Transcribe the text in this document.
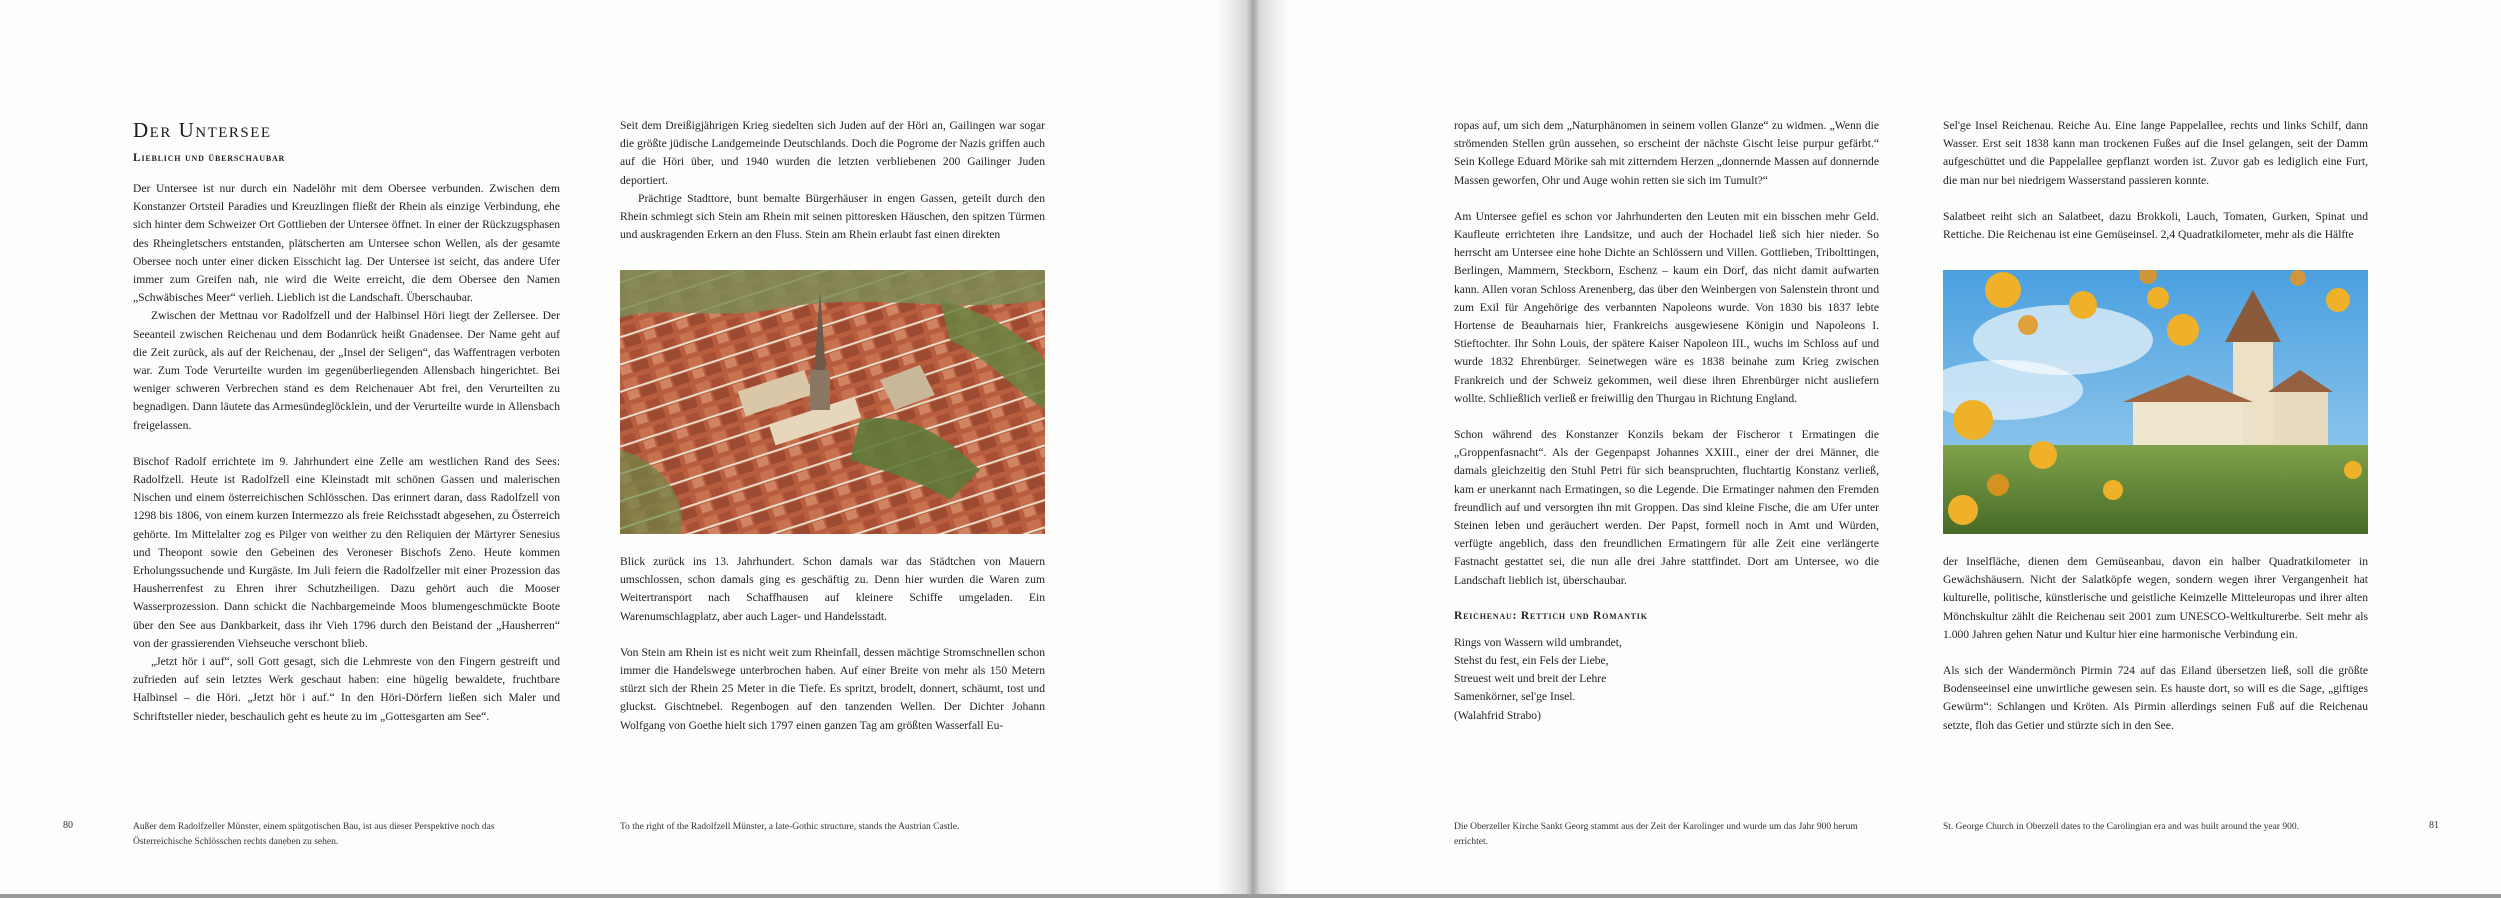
Der Untersee
Lieblich und überschaubar

Der Untersee ist nur durch ein Nadelöhr mit dem Obersee verbunden. Zwischen dem Konstanzer Ortsteil Paradies und Kreuzlingen fließt der Rhein als einzige Verbindung, ehe sich hinter dem Schweizer Ort Gottlieben der Untersee öffnet. In einer der Rückzugsphasen des Rheingletschers entstanden, plätscherten am Untersee schon Wellen, als der gesamte Obersee noch unter einer dicken Eisschicht lag. Der Untersee ist seicht, das andere Ufer immer zum Greifen nah, nie wird die Weite erreicht, die dem Obersee den Namen „Schwäbisches Meer“ verlieh. Lieblich ist die Landschaft. Überschaubar.

Zwischen der Mettnau vor Radolfzell und der Halbinsel Höri liegt der Zellersee. Der Seeanteil zwischen Reichenau und dem Bodanrück heißt Gnadensee. Der Name geht auf die Zeit zurück, als auf der Reichenau, der „Insel der Seligen“, das Waffentragen verboten war. Zum Tode Verurteilte wurden im gegenüberliegenden Allensbach hingerichtet. Bei weniger schweren Verbrechen stand es dem Reichenauer Abt frei, den Verurteilten zu begnadigen. Dann läutete das Armesündeglöcklein, und der Verurteilte wurde in Allensbach freigelassen.

Bischof Radolf errichtete im 9. Jahrhundert eine Zelle am westlichen Rand des Sees: Radolfzell. Heute ist Radolfzell eine Kleinstadt mit schönen Gassen und malerischen Nischen und einem österreichischen Schlösschen. Das erinnert daran, dass Radolfzell von 1298 bis 1806, von einem kurzen Intermezzo als freie Reichsstadt abgesehen, zu Österreich gehörte. Im Mittelalter zog es Pilger von weither zu den Reliquien der Märtyrer Senesius und Theopont sowie den Gebeinen des Veroneser Bischofs Zeno. Heute kommen Erholungssuchende und Kurgäste. Im Juli feiern die Radolfzeller mit einer Prozession das Hausherrenfest zu Ehren ihrer Schutzheiligen. Dazu gehört auch die Mooser Wasserprozession. Dann schickt die Nachbargemeinde Moos blumengeschmückte Boote über den See aus Dankbarkeit, dass ihr Vieh 1796 durch den Beistand der „Hausherren“ von der grassierenden Viehseuche verschont blieb.

„Jetzt hör i auf“, soll Gott gesagt, sich die Lehmreste von den Fingern gestreift und zufrieden auf sein letztes Werk geschaut haben: eine hügelig bewaldete, fruchtbare Halbinsel – die Höri. „Jetzt hör i auf.“ In den Höri-Dörfern ließen sich Maler und Schriftsteller nieder, beschaulich geht es heute zu im „Gottesgarten am See“.

Seit dem Dreißigjährigen Krieg siedelten sich Juden auf der Höri an, Gailingen war sogar die größte jüdische Landgemeinde Deutschlands. Doch die Pogrome der Nazis griffen auch auf die Höri über, und 1940 wurden die letzten verbliebenen 200 Gailinger Juden deportiert.

Prächtige Stadttore, bunt bemalte Bürgerhäuser in engen Gassen, geteilt durch den Rhein schmiegt sich Stein am Rhein mit seinen pittoresken Häuschen, den spitzen Türmen und auskragenden Erkern an den Fluss. Stein am Rhein erlaubt fast einen direkten

Blick zurück ins 13. Jahrhundert. Schon damals war das Städtchen von Mauern umschlossen, schon damals ging es geschäftig zu. Denn hier wurden die Waren zum Weitertransport nach Schaffhausen auf kleinere Schiffe umgeladen. Ein Warenumschlagplatz, aber auch Lager- und Handelsstadt.

Von Stein am Rhein ist es nicht weit zum Rheinfall, dessen mächtige Stromschnellen schon immer die Handelswege unterbrochen haben. Auf einer Breite von mehr als 150 Metern stürzt sich der Rhein 25 Meter in die Tiefe. Es spritzt, brodelt, donnert, schäumt, tost und gluckst. Gischtnebel. Regenbogen auf den tanzenden Wellen. Der Dichter Johann Wolfgang von Goethe hielt sich 1797 einen ganzen Tag am größten Wasserfall Eu-

80	Außer dem Radolfzeller Münster, einem spätgotischen Bau, ist aus dieser Perspektive noch das Österreichische Schlösschen rechts daneben zu sehen.
To the right of the Radolfzell Münster, a late-Gothic structure, stands the Austrian Castle.

ropas auf, um sich dem „Naturphänomen in seinem vollen Glanze“ zu widmen. „Wenn die strömenden Stellen grün aussehen, so erscheint der nächste Gischt leise purpur gefärbt.“ Sein Kollege Eduard Mörike sah mit zitterndem Herzen „donnernde Massen auf donnernde Massen geworfen, Ohr und Auge wohin retten sie sich im Tumult?“

Am Untersee gefiel es schon vor Jahrhunderten den Leuten mit ein bisschen mehr Geld. Kaufleute errichteten ihre Landsitze, und auch der Hochadel ließ sich hier nieder. So herrscht am Untersee eine hohe Dichte an Schlössern und Villen. Gottlieben, Tribolttingen, Berlingen, Mammern, Steckborn, Eschenz – kaum ein Dorf, das nicht damit aufwarten kann. Allen voran Schloss Arenenberg, das über den Weinbergen von Salenstein thront und zum Exil für Angehörige des verbannten Napoleons wurde. Von 1830 bis 1837 lebte Hortense de Beauharnais hier, Frankreichs ausgewiesene Königin und Napoleons I. Stieftochter. Ihr Sohn Louis, der spätere Kaiser Napoleon III., wuchs im Schloss auf und wurde 1832 Ehrenbürger. Seinetwegen wäre es 1838 beinahe zum Krieg zwischen Frankreich und der Schweiz gekommen, weil diese ihren Ehrenbürger nicht ausliefern wollte. Schließlich verließ er freiwillig den Thurgau in Richtung England.

Schon während des Konstanzer Konzils bekam der Fischeror t Ermatingen die „Groppenfasnacht“. Als der Gegenpapst Johannes XXIII., einer der drei Männer, die damals gleichzeitig den Stuhl Petri für sich beanspruchten, fluchtartig Konstanz verließ, kam er unerkannt nach Ermatingen, so die Legende. Die Ermatinger nahmen den Fremden freundlich auf und versorgten ihn mit Groppen. Das sind kleine Fische, die am Ufer unter Steinen leben und geräuchert werden. Der Papst, formell noch in Amt und Würden, verfügte angeblich, dass den freundlichen Ermatingern für alle Zeit eine verlängerte Fastnacht gestattet sei, die nun alle drei Jahre stattfindet. Dort am Untersee, wo die Landschaft lieblich ist, überschaubar.

Reichenau: Rettich und Romantik
Rings von Wassern wild umbrandet,
Stehst du fest, ein Fels der Liebe,
Streuest weit und breit der Lehre
Samenkörner, sel'ge Insel.
(Walahfrid Strabo)

Sel'ge Insel Reichenau. Reiche Au. Eine lange Pappelallee, rechts und links Schilf, dann Wasser. Erst seit 1838 kann man trockenen Fußes auf die Insel gelangen, seit der Damm aufgeschüttet und die Pappelallee gepflanzt worden ist. Zuvor gab es lediglich eine Furt, die man nur bei niedrigem Wasserstand passieren konnte.

Salatbeet reiht sich an Salatbeet, dazu Brokkoli, Lauch, Tomaten, Gurken, Spinat und Rettiche. Die Reichenau ist eine Gemüseinsel. 2,4 Quadratkilometer, mehr als die Hälfte

der Inselfläche, dienen dem Gemüseanbau, davon ein halber Quadratkilometer in Gewächshäusern. Nicht der Salatköpfe wegen, sondern wegen ihrer Vergangenheit hat kulturelle, politische, künstlerische und geistliche Keimzelle Mitteleuropas und ihrer alten Mönchskultur zählt die Reichenau seit 2001 zum UNESCO-Weltkulturerbe. Seit mehr als 1.000 Jahren gehen Natur und Kultur hier eine harmonische Verbindung ein.

Als sich der Wandermönch Pirmin 724 auf das Eiland übersetzen ließ, soll die größte Bodenseeinsel eine unwirtliche gewesen sein. Es hauste dort, so will es die Sage, „giftiges Gewürm“: Schlangen und Kröten. Als Pirmin allerdings seinen Fuß auf die Reichenau setzte, floh das Getier und stürzte sich in den See.

Die Oberzeller Kirche Sankt Georg stammt aus der Zeit der Karolinger und wurde um das Jahr 900 herum errichtet.
St. George Church in Oberzell dates to the Carolingian era and was built around the year 900.	81
